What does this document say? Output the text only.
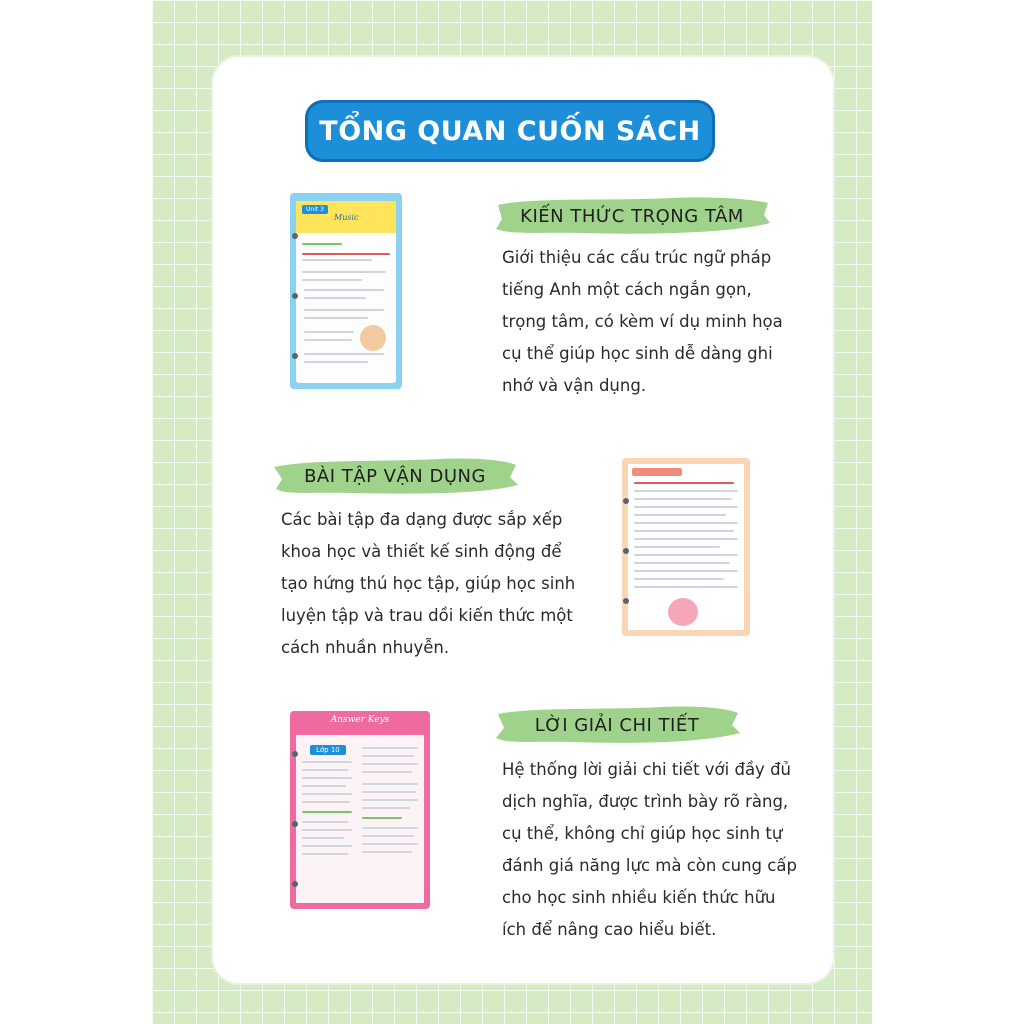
TỔNG QUAN CUỐN SÁCH
KIẾN THỨC TRỌNG TÂM

Giới thiệu các cấu trúc ngữ pháp
tiếng Anh một cách ngắn gọn,
trọng tâm, có kèm ví dụ minh họa
cụ thể giúp học sinh dễ dàng ghi
nhớ và vận dụng.

Unit 3
Music
BÀI TẬP VẬN DỤNG

Các bài tập đa dạng được sắp xếp
khoa học và thiết kế sinh động để
tạo hứng thú học tập, giúp học sinh
luyện tập và trau dồi kiến thức một
cách nhuần nhuyễn.

LỜI GIẢI CHI TIẾT

Hệ thống lời giải chi tiết với đầy đủ
dịch nghĩa, được trình bày rõ ràng,
cụ thể, không chỉ giúp học sinh tự
đánh giá năng lực mà còn cung cấp
cho học sinh nhiều kiến thức hữu
ích để nâng cao hiểu biết.

Answer Keys
Lớp 10
